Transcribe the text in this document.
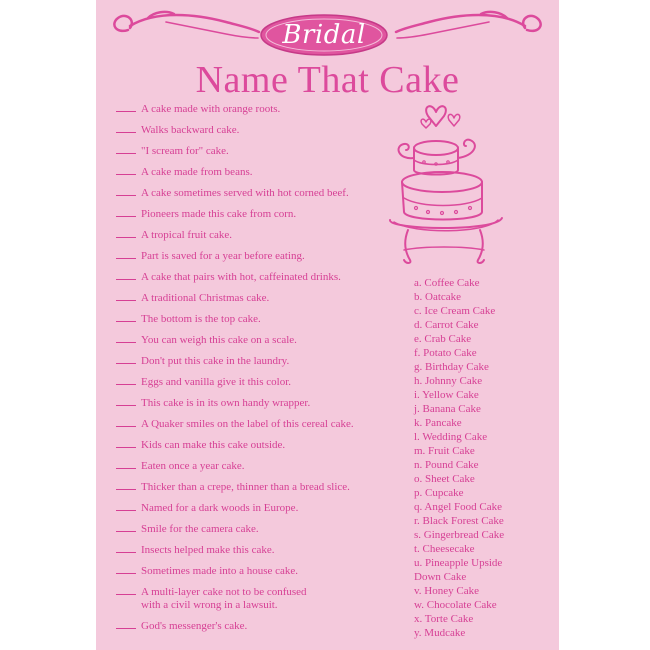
Bridal
Name That Cake
A cake made with orange roots.
Walks backward cake.
"I scream for" cake.
A cake made from beans.
A cake sometimes served with hot corned beef.
Pioneers made this cake from corn.
A tropical fruit cake.
Part is saved for a year before eating.
A cake that pairs with hot, caffeinated drinks.
A traditional Christmas cake.
The bottom is the top cake.
You can weigh this cake on a scale.
Don't put this cake in the laundry.
Eggs and vanilla give it this color.
This cake is in its own handy wrapper.
A Quaker smiles on the label of this cereal cake.
Kids can make this cake outside.
Eaten once a year cake.
Thicker than a crepe, thinner than a bread slice.
Named for a dark woods in Europe.
Smile for the camera cake.
Insects helped make this cake.
Sometimes made into a house cake.
A multi-layer cake not to be confused
with a civil wrong in a lawsuit.
God's messenger's cake.
a. Coffee Cake
b. Oatcake
c. Ice Cream Cake
d. Carrot Cake
e. Crab Cake
f. Potato Cake
g. Birthday Cake
h. Johnny Cake
i. Yellow Cake
j. Banana Cake
k. Pancake
l. Wedding Cake
m. Fruit Cake
n. Pound Cake
o. Sheet Cake
p. Cupcake
q. Angel Food Cake
r. Black Forest Cake
s. Gingerbread Cake
t. Cheesecake
u. Pineapple Upside
Down Cake
v. Honey Cake
w. Chocolate Cake
x. Torte Cake
y. Mudcake
